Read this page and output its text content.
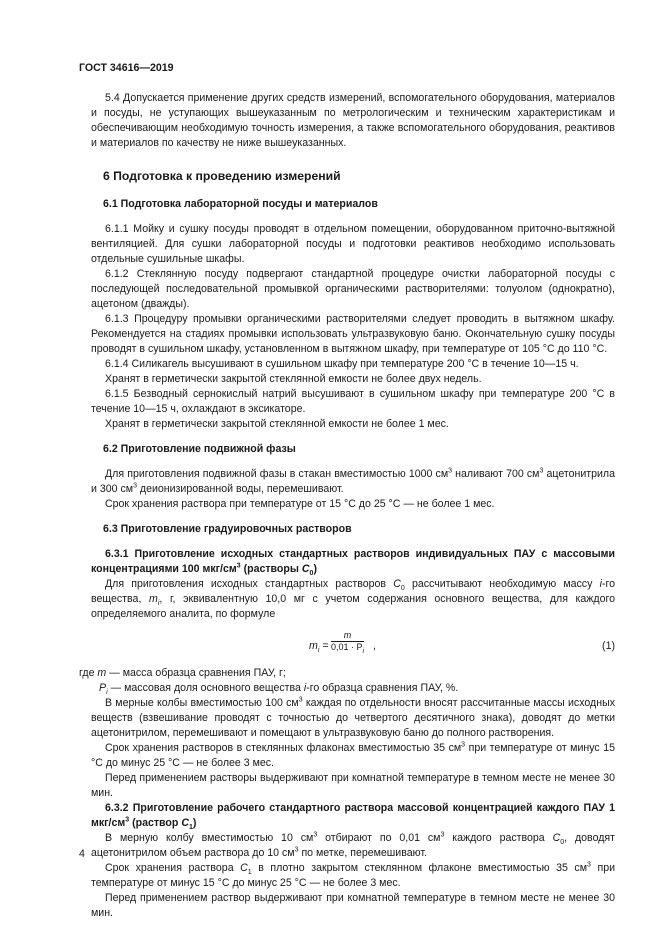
ГОСТ 34616—2019

5.4 Допускается применение других средств измерений, вспомогательного оборудования, материалов и посуды, не уступающих вышеуказанным по метрологическим и техническим характеристикам и обеспечивающим необходимую точность измерения, а также вспомогательного оборудования, реактивов и материалов по качеству не ниже вышеуказанных.

6 Подготовка к проведению измерений
6.1 Подготовка лабораторной посуды и материалов

6.1.1 Мойку и сушку посуды проводят в отдельном помещении, оборудованном приточно-вытяжной вентиляцией. Для сушки лабораторной посуды и подготовки реактивов необходимо использовать отдельные сушильные шкафы.

6.1.2 Стеклянную посуду подвергают стандартной процедуре очистки лабораторной посуды с последующей последовательной промывкой органическими растворителями: толуолом (однократно), ацетоном (дважды).

6.1.3 Процедуру промывки органическими растворителями следует проводить в вытяжном шкафу. Рекомендуется на стадиях промывки использовать ультразвуковую баню. Окончательную сушку посуды проводят в сушильном шкафу, установленном в вытяжном шкафу, при температуре от 105 °С до 110 °С.

6.1.4 Силикагель высушивают в сушильном шкафу при температуре 200 °С в течение 10—15 ч.

Хранят в герметически закрытой стеклянной емкости не более двух недель.

6.1.5 Безводный сернокислый натрий высушивают в сушильном шкафу при температуре 200 °С в течение 10—15 ч, охлаждают в эксикаторе.

Хранят в герметически закрытой стеклянной емкости не более 1 мес.

6.2 Приготовление подвижной фазы

Для приготовления подвижной фазы в стакан вместимостью 1000 $см^3$ наливают 700 $см^3$ ацетонитрила и 300 $см^3$ деионизированной воды, перемешивают.

Срок хранения раствора при температуре от 15 °С до 25 °С — не более 1 мес.

6.3 Приготовление градуировочных растворов

6.3.1 Приготовление исходных стандартных растворов индивидуальных ПАУ с массовыми концентрациями 100 мкг/$см^3$ (растворы $C_0$)

Для приготовления исходных стандартных растворов $C_0$ рассчитывают необходимую массу i-го вещества, $m_i$, г, эквивалентную 10,0 мг с учетом содержания основного вещества, для каждого определяемого аналита, по формуле

$m_i = \frac{m}{0,01 \cdot P_i}$ ,	(1)

где m — масса образца сравнения ПАУ, г;

$P_i$ — массовая доля основного вещества i-го образца сравнения ПАУ, %.

В мерные колбы вместимостью 100 $см^3$ каждая по отдельности вносят рассчитанные массы исходных веществ (взвешивание проводят с точностью до четвертого десятичного знака), доводят до метки ацетонитрилом, перемешивают и помещают в ультразвуковую баню до полного растворения.

Срок хранения растворов в стеклянных флаконах вместимостью 35 $см^3$ при температуре от минус 15 °С до минус 25 °С — не более 3 мес.

Перед применением растворы выдерживают при комнатной температуре в темном месте не менее 30 мин.

6.3.2 Приготовление рабочего стандартного раствора массовой концентрацией каждого ПАУ 1 мкг/$см^3$ (раствор $C_1$)

В мерную колбу вместимостью 10 $см^3$ отбирают по 0,01 $см^3$ каждого раствора $C_0$, доводят ацетонитрилом объем раствора до 10 $см^3$ по метке, перемешивают.

Срок хранения раствора $C_1$ в плотно закрытом стеклянном флаконе вместимостью 35 $см^3$ при температуре от минус 15 °С до минус 25 °С — не более 3 мес.

Перед применением раствор выдерживают при комнатной температуре в темном месте не менее 30 мин.

4
